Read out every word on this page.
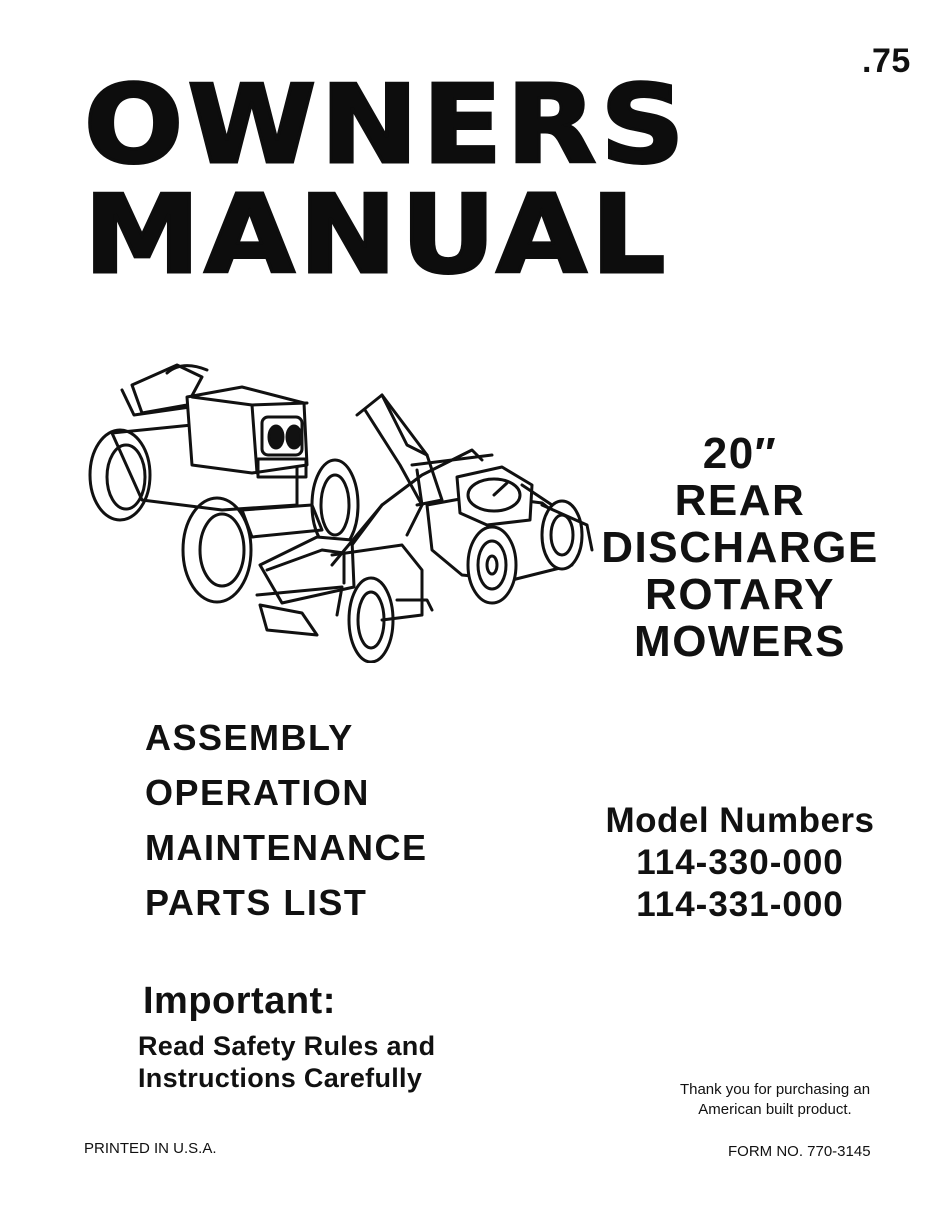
.75
OWNERS
MANUAL
20″
REAR
DISCHARGE
ROTARY
MOWERS
ASSEMBLY
OPERATION
MAINTENANCE
PARTS LIST
Model Numbers
114-330-000
114-331-000
Important:
Read Safety Rules and
Instructions Carefully	Thank you for purchasing an
American built product.
PRINTED IN U.S.A.	FORM NO. 770-3145
